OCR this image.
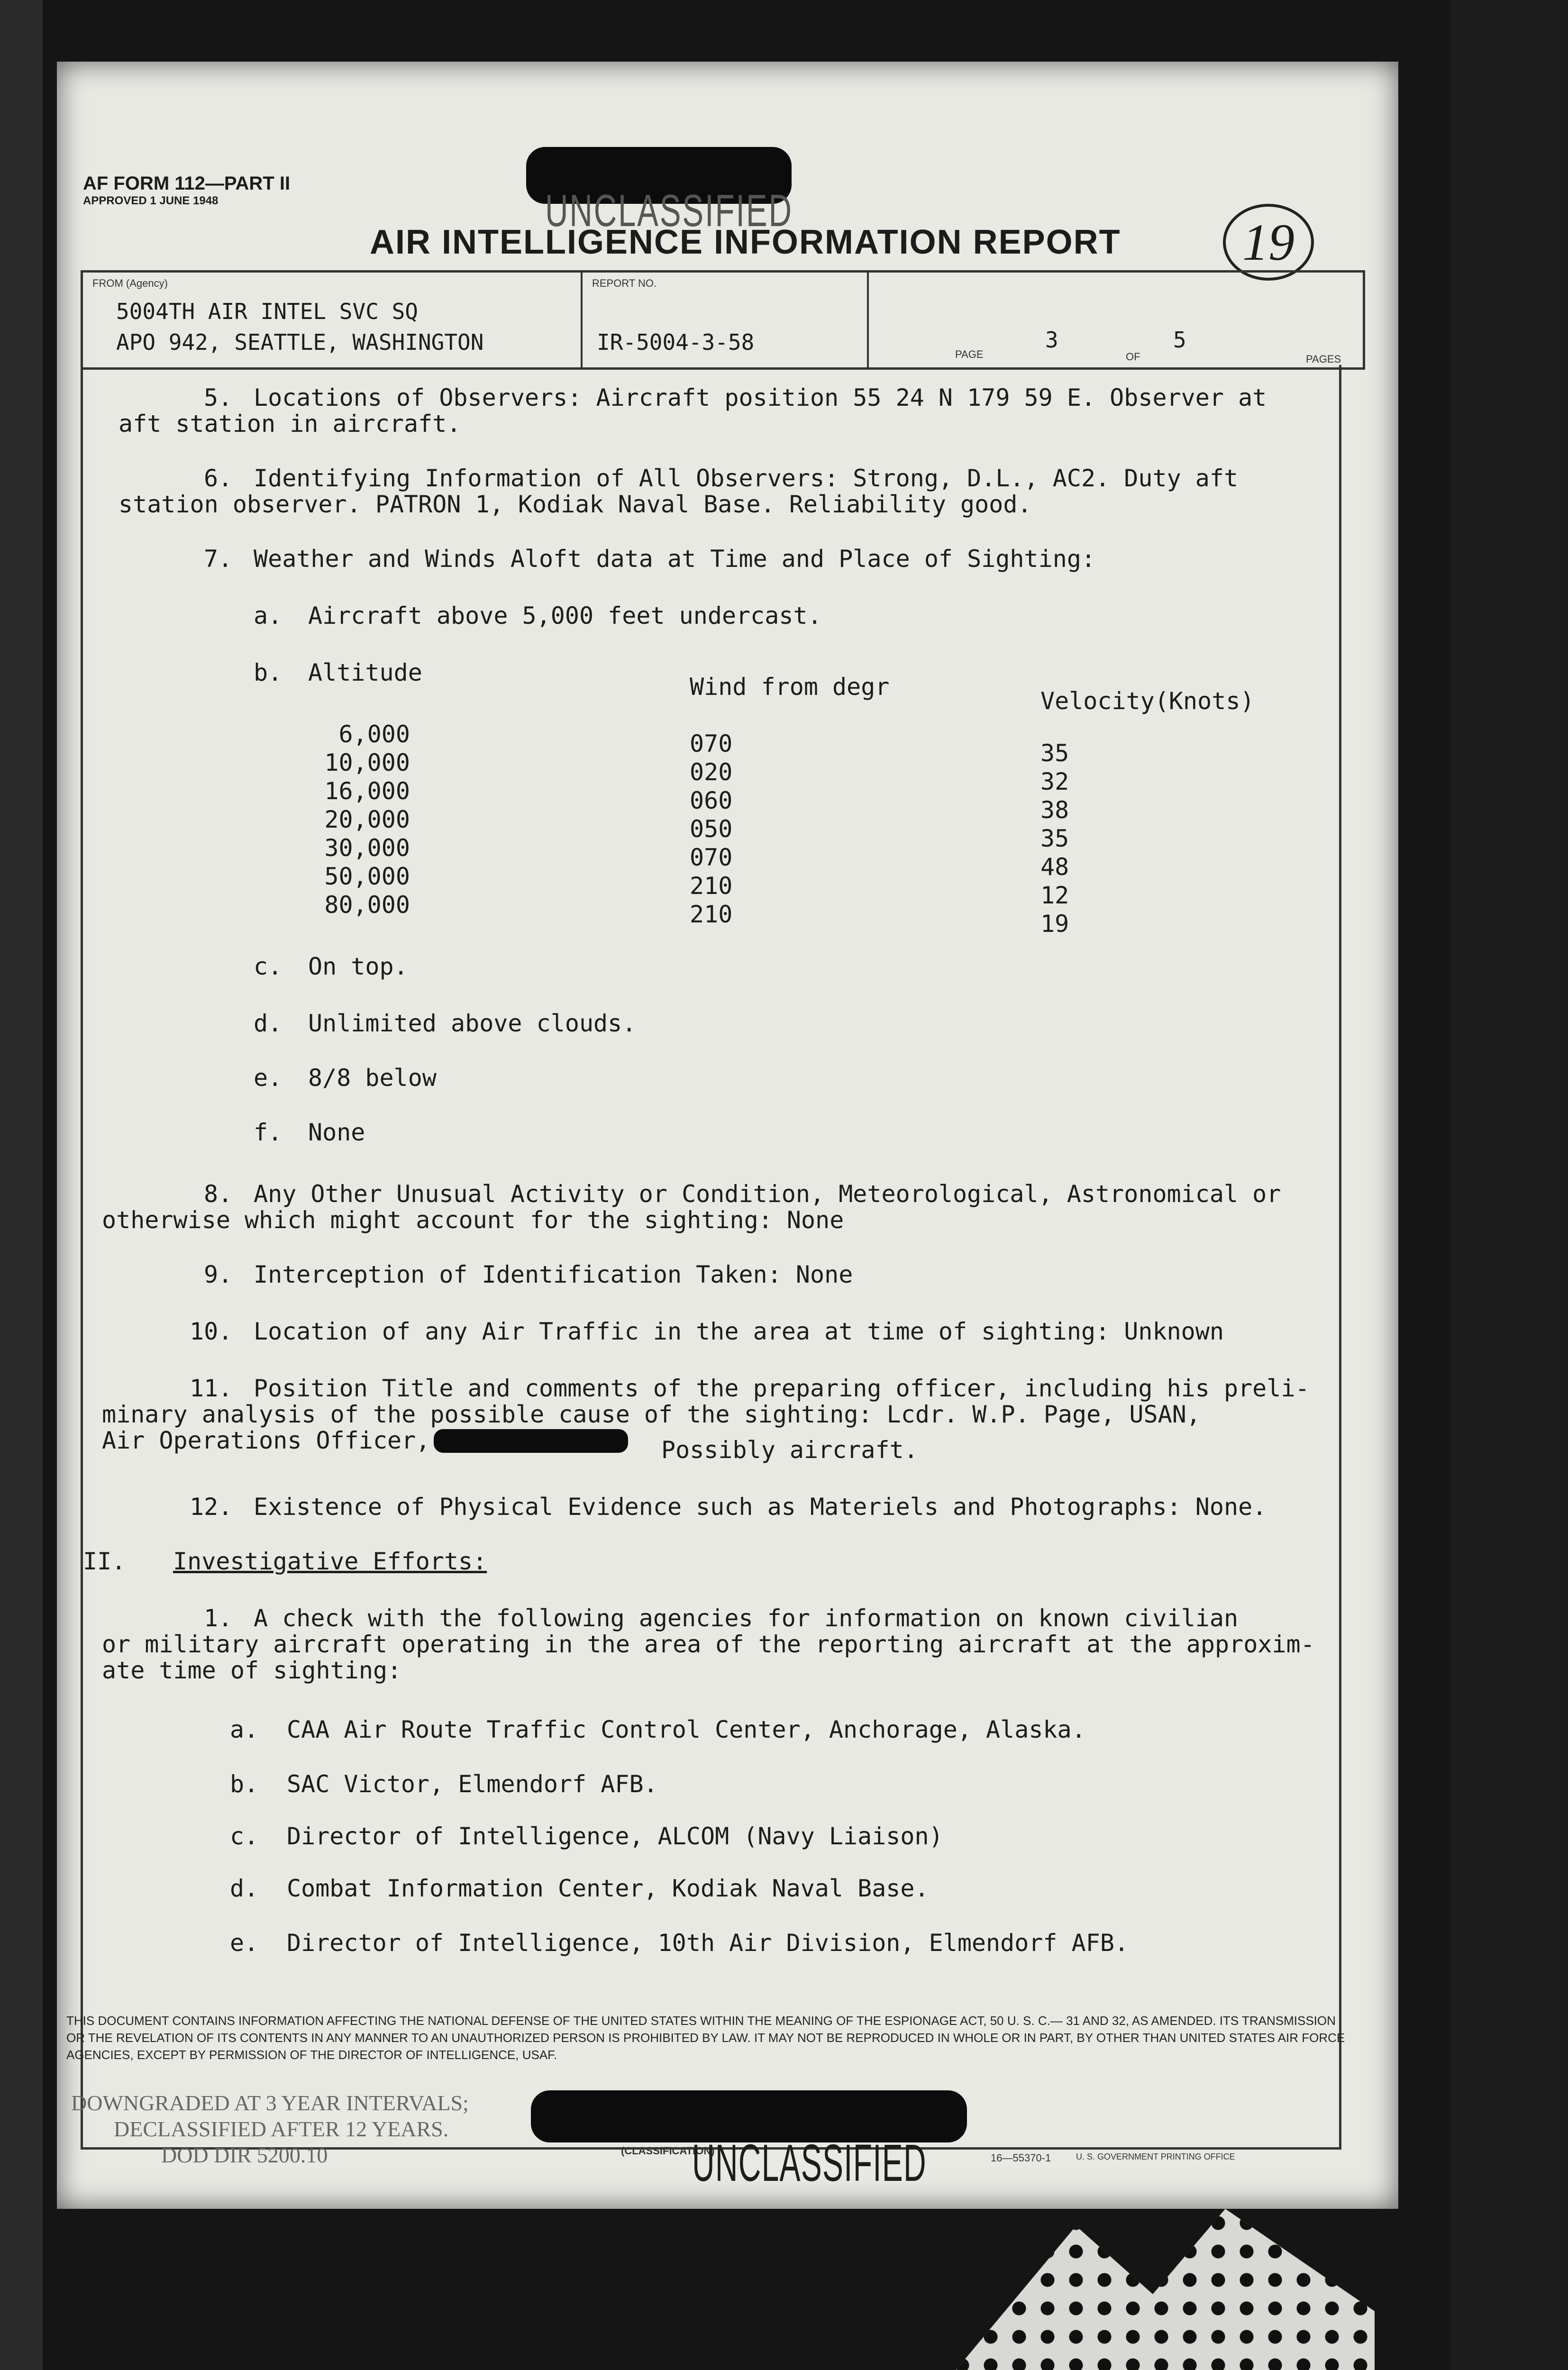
AF FORM 112—PART II
APPROVED 1 JUNE 1948	UNCLASSIFIED
AIR INTELLIGENCE INFORMATION REPORT	19
FROM (Agency)
5004TH AIR INTEL SVC SQ
APO 942, SEATTLE, WASHINGTON
REPORT NO.
IR-5004-3-58	PAGE
3
OF
5
PAGES
5. Locations of Observers: Aircraft position 55 24 N 179 59 E. Observer at
aft station in aircraft.
6. Identifying Information of All Observers: Strong, D.L., AC2. Duty aft
station observer. PATRON 1, Kodiak Naval Base. Reliability good.
7. Weather and Winds Aloft data at Time and Place of Sighting:
a. Aircraft above 5,000 feet undercast.
b. Altitude
Wind from degr
Velocity(Knots)
6,000	070	35
10,000	020	32
16,000	060	38
20,000	050	35
30,000	070	48
50,000	210	12
80,000	210	19
c. On top.
d. Unlimited above clouds.
e. 8/8 below
f. None
8. Any Other Unusual Activity or Condition, Meteorological, Astronomical or
otherwise which might account for the sighting: None
9. Interception of Identification Taken: None
10. Location of any Air Traffic in the area at time of sighting: Unknown
11. Position Title and comments of the preparing officer, including his preli-
minary analysis of the possible cause of the sighting: Lcdr. W.P. Page, USAN,
Air Operations Officer,	Possibly aircraft.
12. Existence of Physical Evidence such as Materiels and Photographs: None.
II. Investigative Efforts:
1. A check with the following agencies for information on known civilian
or military aircraft operating in the area of the reporting aircraft at the approxim-
ate time of sighting:
a. CAA Air Route Traffic Control Center, Anchorage, Alaska.
b. SAC Victor, Elmendorf AFB.
c. Director of Intelligence, ALCOM (Navy Liaison)
d. Combat Information Center, Kodiak Naval Base.
e. Director of Intelligence, 10th Air Division, Elmendorf AFB.
THIS DOCUMENT CONTAINS INFORMATION AFFECTING THE NATIONAL DEFENSE OF THE UNITED STATES WITHIN THE MEANING OF THE ESPIONAGE ACT, 50 U. S. C.— 31 AND 32, AS AMENDED. ITS TRANSMISSION OR THE REVELATION OF ITS CONTENTS IN ANY MANNER TO AN UNAUTHORIZED PERSON IS PROHIBITED BY LAW. IT MAY NOT BE REPRODUCED IN WHOLE OR IN PART, BY OTHER THAN UNITED STATES AIR FORCE AGENCIES, EXCEPT BY PERMISSION OF THE DIRECTOR OF INTELLIGENCE, USAF.
DOWNGRADED AT 3 YEAR INTERVALS;
DECLASSIFIED AFTER 12 YEARS.
DOD DIR 5200.10	(CLASSIFICATION)
UNCLASSIFIED	16—55370-1	U. S. GOVERNMENT PRINTING OFFICE
